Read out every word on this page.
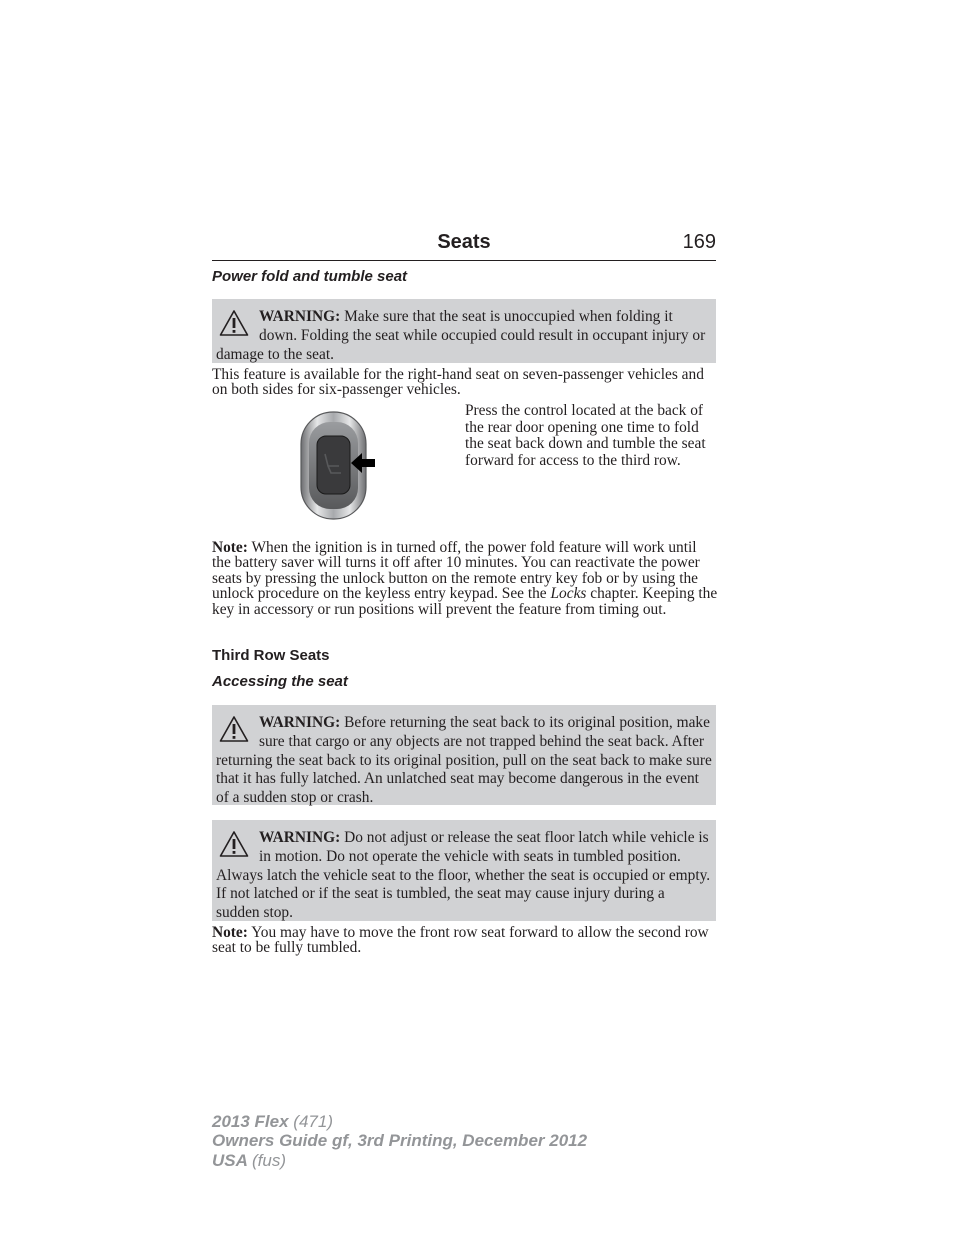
Seats	169
Power fold and tumble seat
WARNING: Make sure that the seat is unoccupied when folding it down. Folding the seat while occupied could result in occupant injury or damage to the seat.
This feature is available for the right-hand seat on seven-passenger vehicles and on both sides for six-passenger vehicles.
Press the control located at the back of the rear door opening one time to fold the seat back down and tumble the seat forward for access to the third row.
Note: When the ignition is in turned off, the power fold feature will work until the battery saver will turns it off after 10 minutes. You can reactivate the power seats by pressing the unlock button on the remote entry key fob or by using the unlock procedure on the keyless entry keypad. See the Locks chapter. Keeping the key in accessory or run positions will prevent the feature from timing out.
Third Row Seats
Accessing the seat
WARNING: Before returning the seat back to its original position, make sure that cargo or any objects are not trapped behind the seat back. After returning the seat back to its original position, pull on the seat back to make sure that it has fully latched. An unlatched seat may become dangerous in the event of a sudden stop or crash.
WARNING: Do not adjust or release the seat floor latch while vehicle is in motion. Do not operate the vehicle with seats in tumbled position. Always latch the vehicle seat to the floor, whether the seat is occupied or empty. If not latched or if the seat is tumbled, the seat may cause injury during a sudden stop.
Note: You may have to move the front row seat forward to allow the second row seat to be fully tumbled.
2013 Flex (471)
Owners Guide gf, 3rd Printing, December 2012
USA (fus)
